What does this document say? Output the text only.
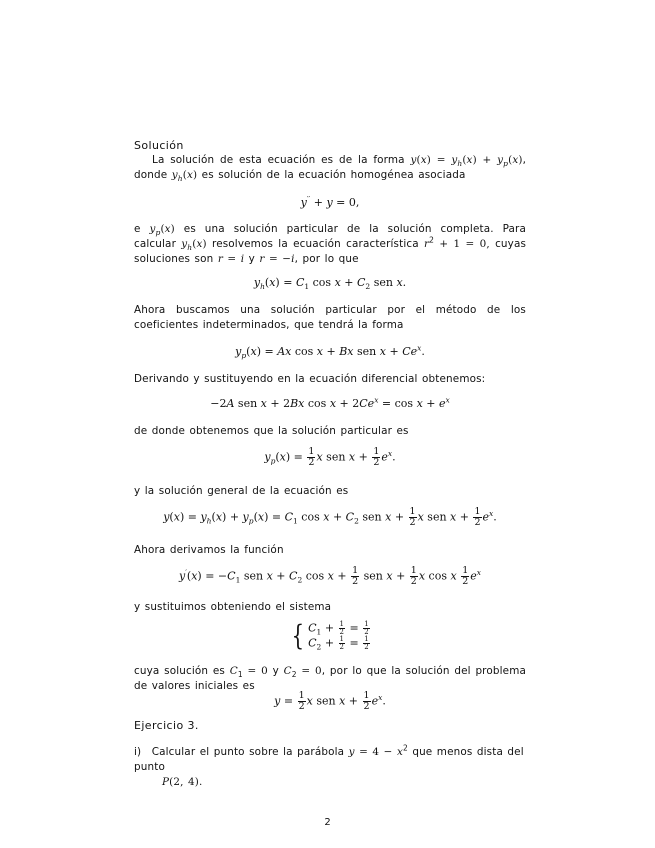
Solución
La solución de esta ecuación es de la forma $y(x) = y_h(x) + y_p(x)$, donde $y_h(x)$ es solución de la ecuación homogénea asociada
y′′ + y = 0,
e $y_p(x)$ es una solución particular de la solución completa. Para calcular $y_h(x)$ resolvemos la ecuación característica $r^2 + 1 = 0$, cuyas soluciones son r = i y r = −i, por lo que
$y_h(x) = C_1$ $\cos x + C_2$ sen x.
Ahora buscamos una solución particular por el método de los coeficientes indeterminados, que tendrá la forma
$y_p(x) = Ax$ cos x + Bx sen $x + Ce^x$.
Derivando y sustituyendo en la ecuación diferencial obtenemos:
−2A sen x + 2Bx $\cos x + 2Ce^x = \cos x + e^x$
de donde obtenemos que la solución particular es
$y_p(x) = \frac{1}{2}$ x sen $x + \frac{1}{2} e^x$.
y la solución general de la ecuación es
$y(x) = y_h(x) + y_p(x) = C_1$ $\cos x + C_2$ sen $x + \frac{1}{2}$ x sen $x + \frac{1}{2} e^x$.
Ahora derivamos la función
$y'(x) = -C_1$ sen $x + C_2$ $\cos x + \frac{1}{2}$ sen $x + \frac{1}{2}$ x cos x $\frac{1}{2} e^x$
y sustituimos obteniendo el sistema
{ $C_1 + \frac{1}{2} = \frac{1}{2}$
$C_2 + \frac{1}{2} = \frac{1}{2}$
cuya solución es $C_1 = 0$ y $C_2 = 0$, por lo que la solución del problema de valores iniciales es
$y = \frac{1}{2}$ x sen $x + \frac{1}{2} e^x$.
Ejercicio 3.
i) Calcular el punto sobre la parábola $y = 4 - x^2$ que menos dista del punto
P(2, 4).
2
